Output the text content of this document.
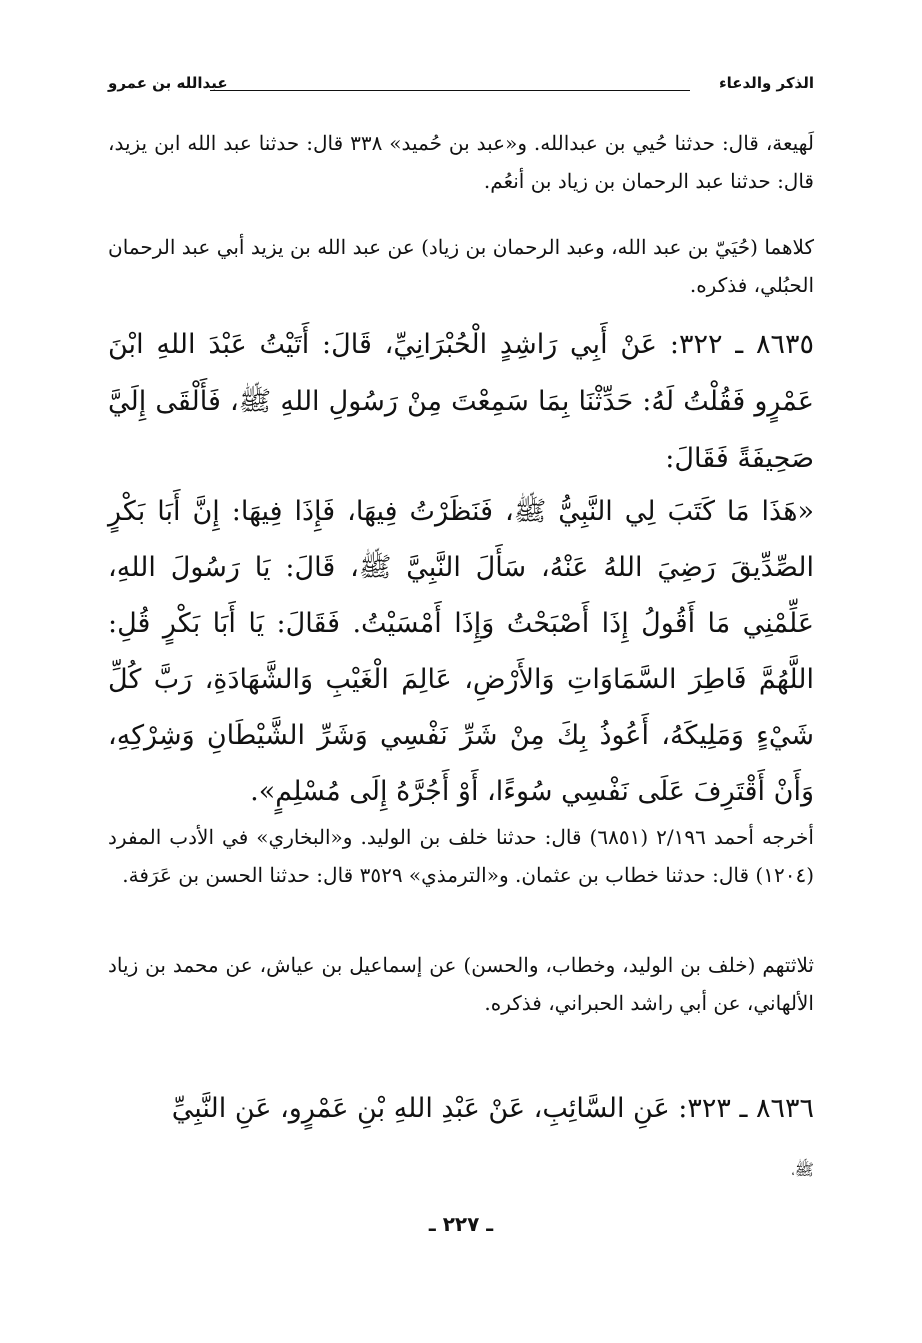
الذكر والدعاء
عبدالله بن عمرو

لَهيعة، قال: حدثنا حُيي بن عبدالله. و«عبد بن حُميد» ٣٣٨ قال: حدثنا عبد الله ابن يزيد، قال: حدثنا عبد الرحمان بن زياد بن أنعُم.

كلاهما (حُيَيّ بن عبد الله، وعبد الرحمان بن زياد) عن عبد الله بن يزيد أبي عبد الرحمان الحبُلي، فذكره.

٨٦٣٥ ـ ٣٢٢: عَنْ أَبِي رَاشِدٍ الْحُبْرَانِيِّ، قَالَ: أَتَيْتُ عَبْدَ اللهِ ابْنَ عَمْرٍو فَقُلْتُ لَهُ: حَدِّثْنَا بِمَا سَمِعْتَ مِنْ رَسُولِ اللهِ ﷺ، فَأَلْقَى إِلَيَّ صَحِيفَةً فَقَالَ:

«هَذَا مَا كَتَبَ لِي النَّبِيُّ ﷺ، فَنَظَرْتُ فِيهَا، فَإِذَا فِيهَا: إِنَّ أَبَا بَكْرٍ الصِّدِّيقَ رَضِيَ اللهُ عَنْهُ، سَأَلَ النَّبِيَّ ﷺ، قَالَ: يَا رَسُولَ اللهِ، عَلِّمْنِي مَا أَقُولُ إِذَا أَصْبَحْتُ وَإِذَا أَمْسَيْتُ. فَقَالَ: يَا أَبَا بَكْرٍ قُلِ: اللَّهُمَّ فَاطِرَ السَّمَاوَاتِ وَالأَرْضِ، عَالِمَ الْغَيْبِ وَالشَّهَادَةِ، رَبَّ كُلِّ شَيْءٍ وَمَلِيكَهُ، أَعُوذُ بِكَ مِنْ شَرِّ نَفْسِي وَشَرِّ الشَّيْطَانِ وَشِرْكِهِ، وَأَنْ أَقْتَرِفَ عَلَى نَفْسِي سُوءًا، أَوْ أَجُرَّهُ إِلَى مُسْلِمٍ».

أخرجه أحمد ٢/١٩٦ (٦٨٥١) قال: حدثنا خلف بن الوليد. و«البخاري» في الأدب المفرد (١٢٠٤) قال: حدثنا خطاب بن عثمان. و«الترمذي» ٣٥٢٩ قال: حدثنا الحسن بن عَرَفة.

ثلاثتهم (خلف بن الوليد، وخطاب، والحسن) عن إسماعيل بن عياش، عن محمد بن زياد الألهاني، عن أبي راشد الحبراني، فذكره.

٨٦٣٦ ـ ٣٢٣: عَنِ السَّائِبِ، عَنْ عَبْدِ اللهِ بْنِ عَمْرٍو، عَنِ النَّبِيِّ

ﷺ،

ـ ٢٢٧ ـ
